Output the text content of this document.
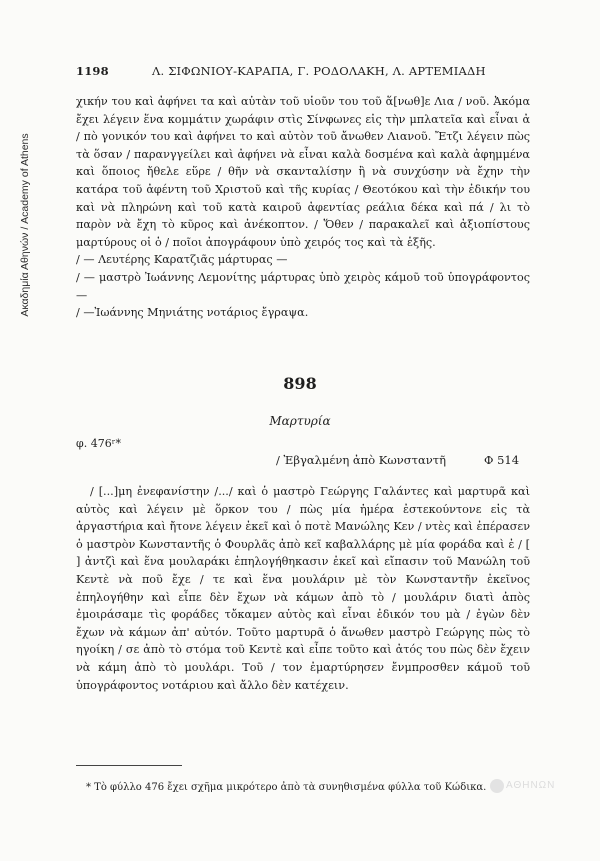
Ακαδημία Αθηνών / Academy of Athens
1198	Λ. ΣΙΦΩΝΙΟΥ-ΚΑΡΑΠΑ, Γ. ΡΟΔΟΛΑΚΗ, Λ. ΑΡΤΕΜΙΑΔΗ

χικήν του καὶ ἀφήνει τα καὶ αὐτὰν τοῦ υἱοῦν του τοῦ ἅ[νωθ]ε Λια / νοῦ. Ἀκόμα ἔχει λέγειν ἕνα κομμάτιν χωράφιν στὶς Σίνφωνες εἰς τὴν μπλατεῖα καὶ εἶναι ἀ / πὸ γονικόν του καὶ ἀφήνει το καὶ αὐτὸν τοῦ ἄνωθεν Λιανοῦ. Ἔτζι λέγειν πὼς τὰ ὅσαν / παρανγγείλει καὶ ἀφήνει νὰ εἶναι καλὰ δοσμένα καὶ καλὰ ἀφημμένα καὶ ὅποιος ἤθελε εὕρε / θῆν νὰ σκανταλίσην ἢ νὰ συνχύσην νὰ ἔχην τὴν κατάρα τοῦ ἀφέντη τοῦ Χριστοῦ καὶ τῆς κυρίας / Θεοτόκου καὶ τὴν ἐδικήν του καὶ νὰ πληρώνη καὶ τοῦ κατὰ καιροῦ ἀφεντίας ρεάλια δέκα καὶ πά / λι τὸ παρὸν νὰ ἔχη τὸ κῦρος καὶ ἀνέκοπτον. / Ὅθεν / παρακαλεῖ καὶ ἀξιοπίστους μαρτύρους οἱ ὁ / ποῖοι ἀπογράφουν ὑπὸ χειρός τος καὶ τὰ ἑξῆς.

/ — Λευτέρης Καρατζιᾶς μάρτυρας —

/ — μαστρὸ Ἰωάννης Λεμονίτης μάρτυρας ὑπὸ χειρὸς κάμοῦ τοῦ ὑπογράφοντος —

/ —Ἰωάννης Μηνιάτης νοτάριος ἔγραψα.

898
Μαρτυρία
φ. 476ʳ*
/ Ἐβγαλμένη ἀπὸ Κωνσταντῆ	Φ 514

/ [...]μη ἐνεφανίστην /.../ καὶ ὁ μαστρὸ Γεώργης Γαλάντες καὶ μαρτυρᾶ καὶ αὐτὸς καὶ λέγειν μὲ ὅρκον του / πὼς μία ἡμέρα ἐστεκούντονε εἰς τὰ ἀργαστήρια καὶ ἤτονε λέγειν ἐκεῖ καὶ ὁ ποτὲ Μανώλης Κεν / ντὲς καὶ ἐπέρασεν ὁ μαστρὸν Κωνσταντῆς ὁ Φουρλᾶς ἀπὸ κεῖ καβαλλάρης μὲ μία φοράδα καὶ ἐ / [ ] ἀντζὶ καὶ ἕνα μουλαράκι ἐπηλογήθηκασιν ἐκεῖ καὶ εἴπασιν τοῦ Μανώλη τοῦ Κεντὲ νὰ ποῦ ἔχε / τε καὶ ἕνα μουλάριν μὲ τὸν Κωνσταντῆν ἐκεῖνος ἐπηλογήθην καὶ εἶπε δὲν ἔχων νὰ κάμων ἀπὸ τὸ / μουλάριν διατὶ ἀπὸς ἐμοιράσαμε τὶς φοράδες τὄκαμεν αὐτὸς καὶ εἶναι ἐδικόν του μὰ / ἐγὼν δὲν ἔχων νὰ κάμων ἀπ' αὐτόν. Τοῦτο μαρτυρᾶ ὁ ἄνωθεν μαστρὸ Γεώργης πὼς τὸ ηγοίκη / σε ἀπὸ τὸ στόμα τοῦ Κεντὲ καὶ εἶπε τοῦτο καὶ ἀτός του πὼς δὲν ἔχειν νὰ κάμη ἀπὸ τὸ μουλάρι. Τοῦ / τον ἐμαρτύρησεν ἔνμπροσθεν κάμοῦ τοῦ ὑπογράφοντος νοτάριου καὶ ἄλλο δὲν κατέχειν.

* Τὸ φύλλο 476 ἔχει σχῆμα μικρότερο ἀπὸ τὰ συνηθισμένα φύλλα τοῦ Κώδικα.	ΑΘΗΝΩΝ
